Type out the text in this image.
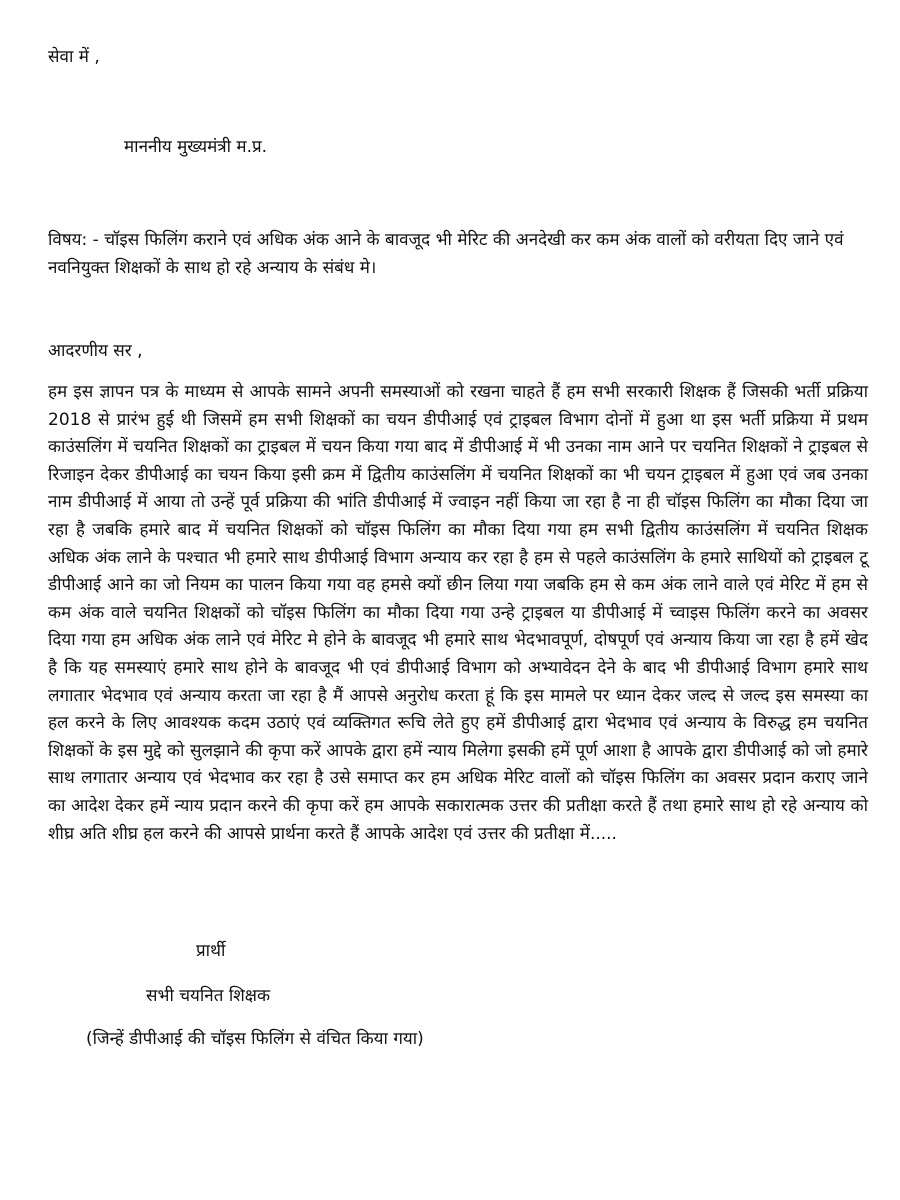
सेवा में ,
माननीय मुख्यमंत्री म.प्र.
विषय: - चॉइस फिलिंग कराने एवं अधिक अंक आने के बावजूद भी मेरिट की अनदेखी कर कम अंक वालों को वरीयता दिए जाने एवं नवनियुक्त शिक्षकों के साथ हो रहे अन्याय के संबंध मे।
आदरणीय सर ,
हम इस ज्ञापन पत्र के माध्यम से आपके सामने अपनी समस्याओं को रखना चाहते हैं हम सभी सरकारी शिक्षक हैं जिसकी भर्ती प्रक्रिया 2018 से प्रारंभ हुई थी जिसमें हम सभी शिक्षकों का चयन डीपीआई एवं ट्राइबल विभाग दोनों में हुआ था इस भर्ती प्रक्रिया में प्रथम काउंसलिंग में चयनित शिक्षकों का ट्राइबल में चयन किया गया बाद में डीपीआई में भी उनका नाम आने पर चयनित शिक्षकों ने ट्राइबल से रिजाइन देकर डीपीआई का चयन किया इसी क्रम में द्वितीय काउंसलिंग में चयनित शिक्षकों का भी चयन ट्राइबल में हुआ एवं जब उनका नाम डीपीआई में आया तो उन्हें पूर्व प्रक्रिया की भांति डीपीआई में ज्वाइन नहीं किया जा रहा है ना ही चॉइस फिलिंग का मौका दिया जा रहा है जबकि हमारे बाद में चयनित शिक्षकों को चॉइस फिलिंग का मौका दिया गया हम सभी द्वितीय काउंसलिंग में चयनित शिक्षक अधिक अंक लाने के पश्चात भी हमारे साथ डीपीआई विभाग अन्याय कर रहा है हम से पहले काउंसलिंग के हमारे साथियों को ट्राइबल टू डीपीआई आने का जो नियम का पालन किया गया वह हमसे क्यों छीन लिया गया जबकि हम से कम अंक लाने वाले एवं मेरिट में हम से कम अंक वाले चयनित शिक्षकों को चॉइस फिलिंग का मौका दिया गया उन्हे ट्राइबल या डीपीआई में च्वाइस फिलिंग करने का अवसर दिया गया हम अधिक अंक लाने एवं मेरिट मे होने के बावजूद भी हमारे साथ भेदभावपूर्ण, दोषपूर्ण एवं अन्याय किया जा रहा है हमें खेद है कि यह समस्याएं हमारे साथ होने के बावजूद भी एवं डीपीआई विभाग को अभ्यावेदन देने के बाद भी डीपीआई विभाग हमारे साथ लगातार भेदभाव एवं अन्याय करता जा रहा है मैं आपसे अनुरोध करता हूं कि इस मामले पर ध्यान देकर जल्द से जल्द इस समस्या का हल करने के लिए आवश्यक कदम उठाएं एवं व्यक्तिगत रूचि लेते हुए हमें डीपीआई द्वारा भेदभाव एवं अन्याय के विरुद्ध हम चयनित शिक्षकों के इस मुद्दे को सुलझाने की कृपा करें आपके द्वारा हमें न्याय मिलेगा इसकी हमें पूर्ण आशा है आपके द्वारा डीपीआई को जो हमारे साथ लगातार अन्याय एवं भेदभाव कर रहा है उसे समाप्त कर हम अधिक मेरिट वालों को चॉइस फिलिंग का अवसर प्रदान कराए जाने का आदेश देकर हमें न्याय प्रदान करने की कृपा करें हम आपके सकारात्मक उत्तर की प्रतीक्षा करते हैं तथा हमारे साथ हो रहे अन्याय को शीघ्र अति शीघ्र हल करने की आपसे प्रार्थना करते हैं आपके आदेश एवं उत्तर की प्रतीक्षा में.....
प्रार्थी
सभी चयनित शिक्षक
(जिन्हें डीपीआई की चॉइस फिलिंग से वंचित किया गया)
